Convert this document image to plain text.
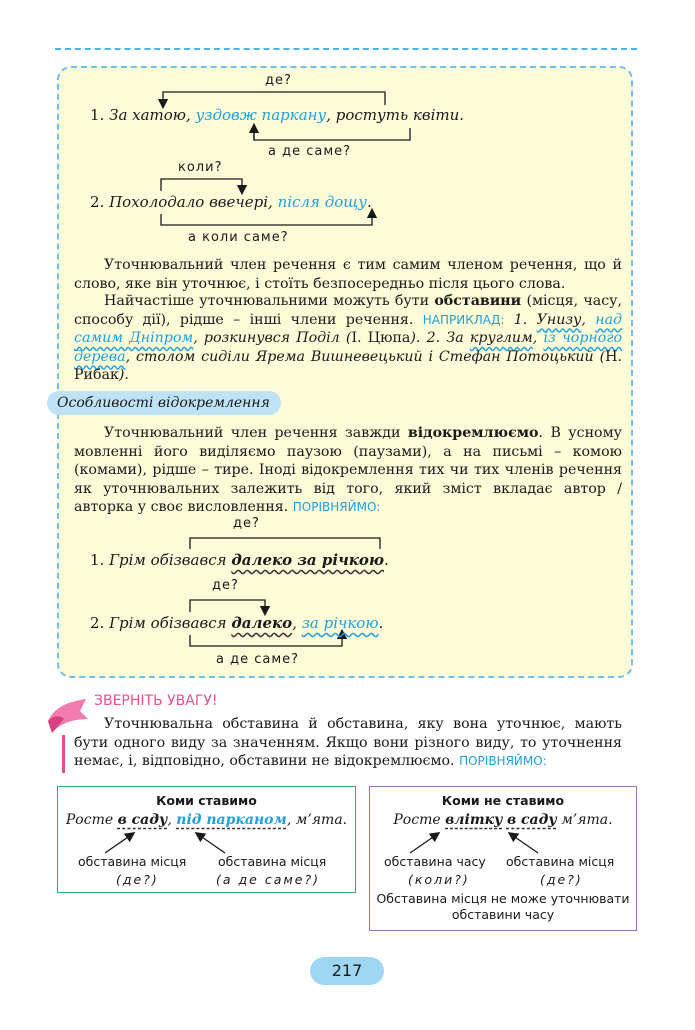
де?
1. За хатою, уздовж паркану, ростуть квіти.
а де саме?
коли?
2. Похолодало ввечері, після дощу.
а коли саме?
Уточнювальний член речення є тим самим членом речення, що й слово, яке він уточнює, і стоїть безпосередньо після цього слова.
Найчастіше уточнювальними можуть бути обставини (місця, часу, способу дії), рідше – інші члени речення. НАПРИКЛАД: 1. Унизу, над самим Дніпром, розкинувся Поділ (І. Цюпа). 2. За круглим, із чорного дерева, столом сиділи Ярема Вишневецький і Стефан Потоцький (Н. Рибак).
Особливості відокремлення
Уточнювальний член речення завжди відокремлюємо. В усному мовленні його виділяємо паузою (паузами), а на письмі – комою (комами), рідше – тире. Іноді відокремлення тих чи тих членів речення як уточнювальних залежить від того, який зміст вкладає автор / авторка у своє висловлення. ПОРІВНЯЙМО:
де?
1. Грім обізвався далеко за річкою.
де?
2. Грім обізвався далеко, за річкою.
а де саме?
ЗВЕРНІТЬ УВАГУ!
Уточнювальна обставина й обставина, яку вона уточнює, мають бути одного виду за значенням. Якщо вони різного виду, то уточнення немає, і, відповідно, обставини не відокремлюємо. ПОРІВНЯЙМО:
Коми ставимо
Росте в саду, під парканом, м’ята.
обставина місця
(де?)
обставина місця
(а де саме?)
Коми не ставимо
Росте влітку в саду м’ята.
обставина часу
(коли?)
обставина місця
(де?)
Обставина місця не може уточнювати обставини часу
217
